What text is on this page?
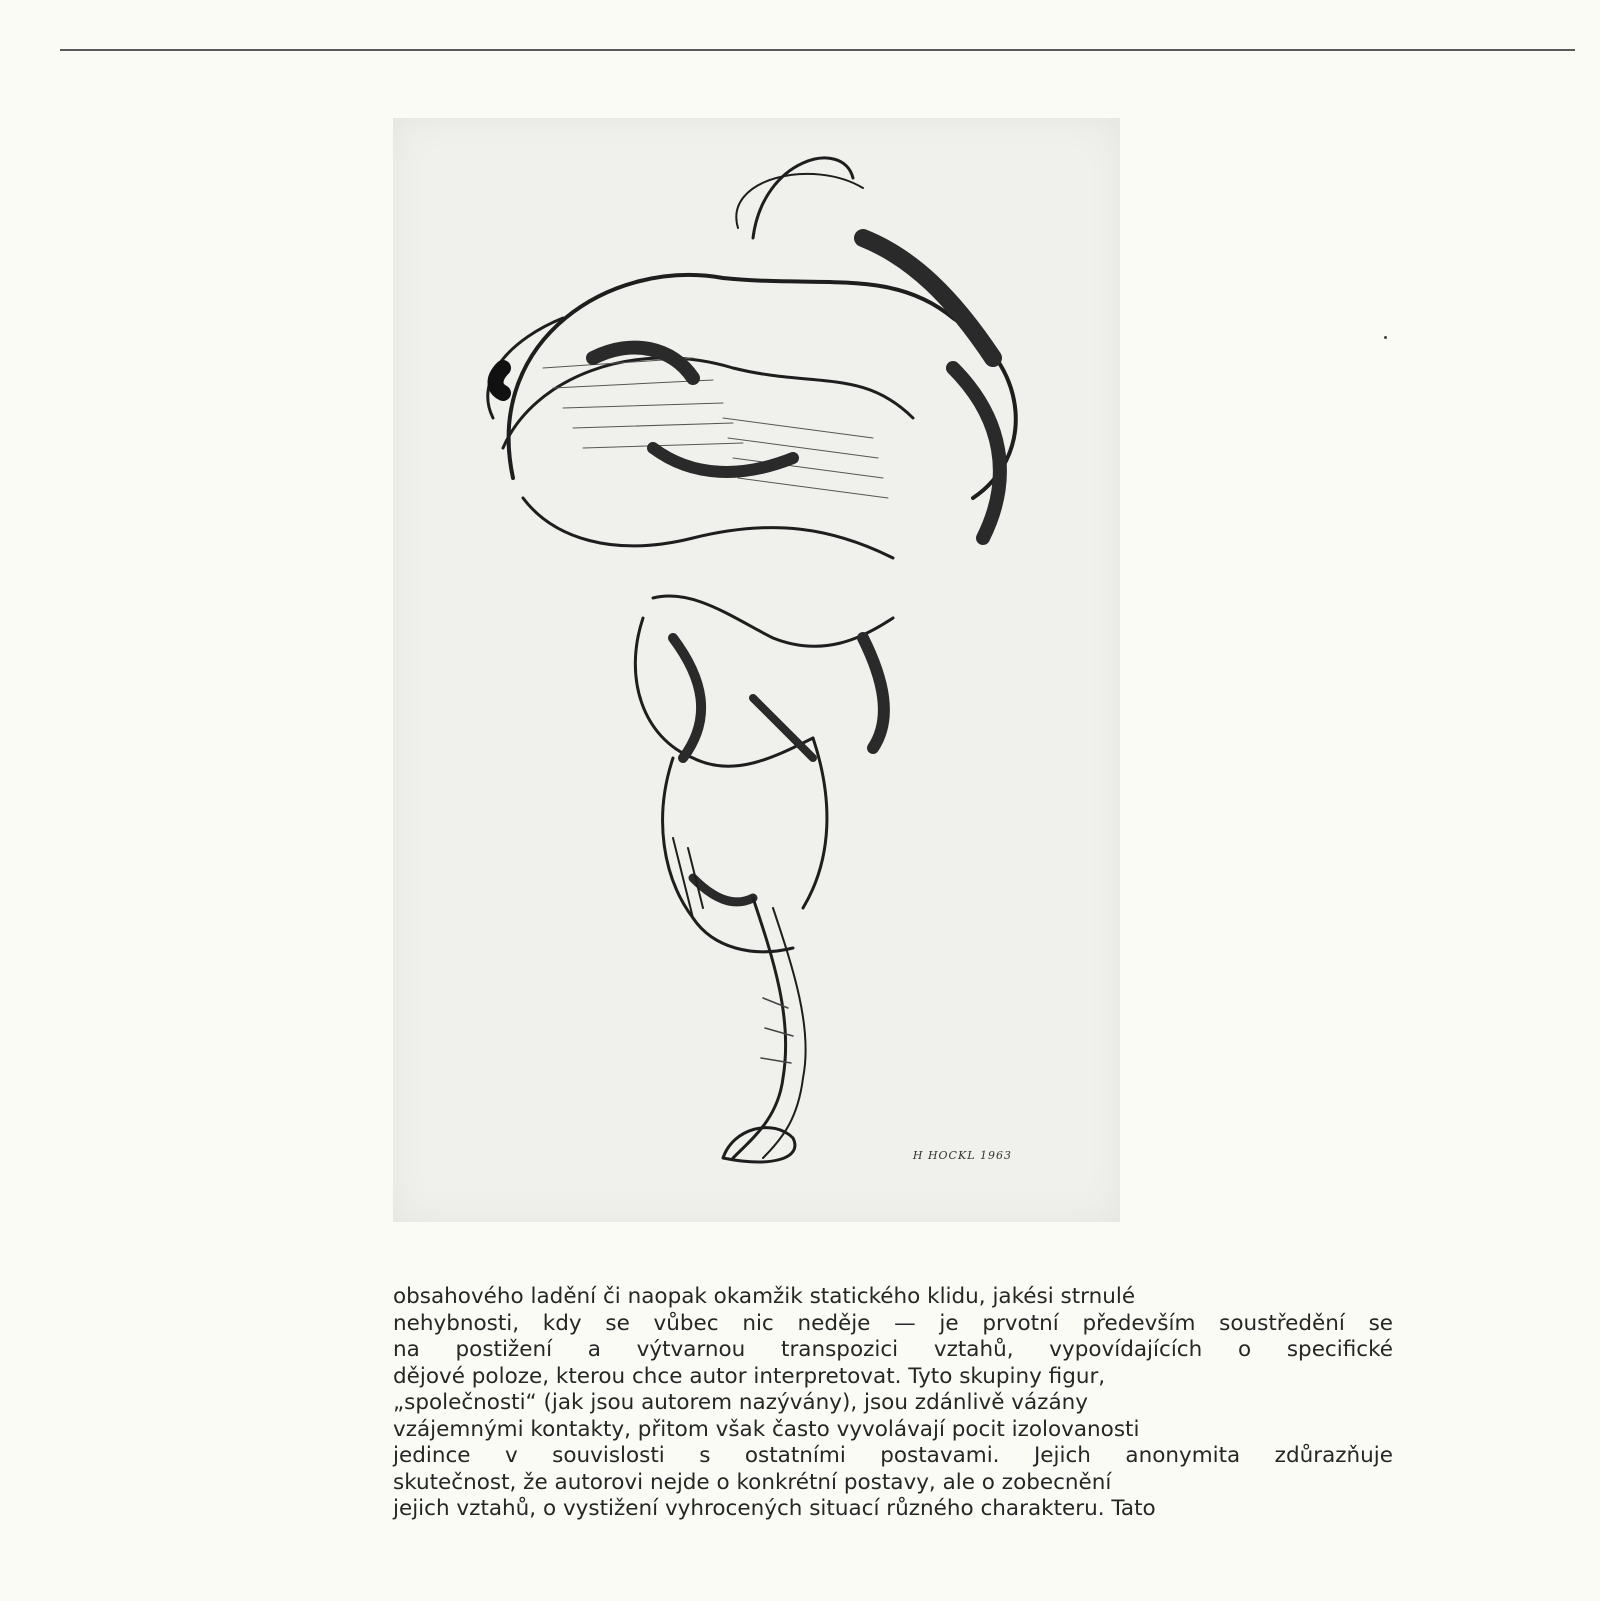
H HOCKL 1963
obsahového ladění či naopak okamžik statického klidu, jakési strnulé
nehybnosti, kdy se vůbec nic neděje — je prvotní především soustředění se
na postižení a výtvarnou transpozici vztahů, vypovídajících o specifické
dějové poloze, kterou chce autor interpretovat. Tyto skupiny figur,
„společnosti“ (jak jsou autorem nazývány), jsou zdánlivě vázány
vzájemnými kontakty, přitom však často vyvolávají pocit izolovanosti
jedince v souvislosti s ostatními postavami. Jejich anonymita zdůrazňuje
skutečnost, že autorovi nejde o konkrétní postavy, ale o zobecnění
jejich vztahů, o vystižení vyhrocených situací různého charakteru. Tato
